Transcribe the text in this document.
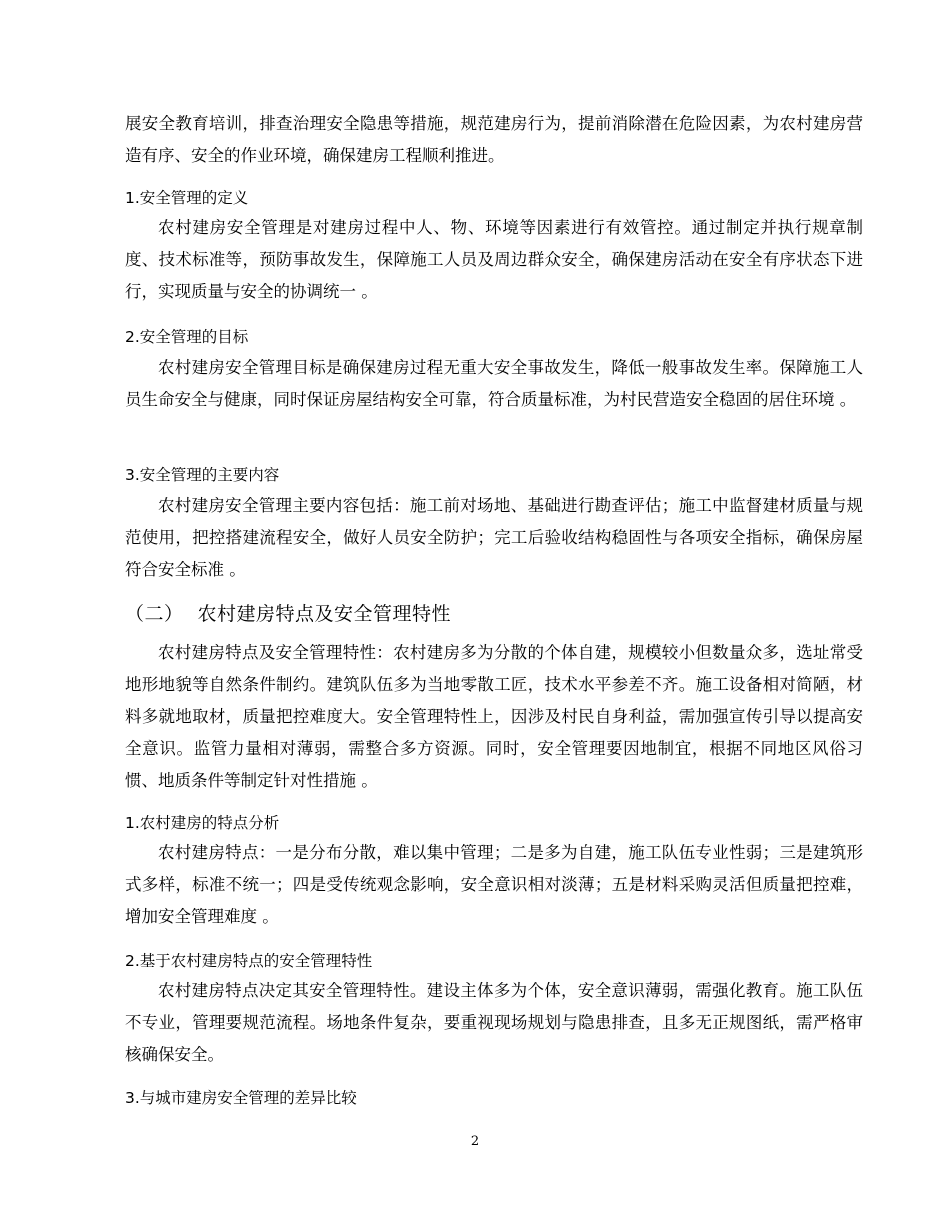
展安全教育培训，排查治理安全隐患等措施，规范建房行为，提前消除潜在危险因素，为农村建房营造有序、安全的作业环境，确保建房工程顺利推进。

1.安全管理的定义

农村建房安全管理是对建房过程中人、物、环境等因素进行有效管控。通过制定并执行规章制度、技术标准等，预防事故发生，保障施工人员及周边群众安全，确保建房活动在安全有序状态下进行，实现质量与安全的协调统一 。

2.安全管理的目标

农村建房安全管理目标是确保建房过程无重大安全事故发生，降低一般事故发生率。保障施工人员生命安全与健康，同时保证房屋结构安全可靠，符合质量标准，为村民营造安全稳固的居住环境 。

3.安全管理的主要内容

农村建房安全管理主要内容包括：施工前对场地、基础进行勘查评估；施工中监督建材质量与规范使用，把控搭建流程安全，做好人员安全防护；完工后验收结构稳固性与各项安全指标，确保房屋符合安全标准 。

（二） 农村建房特点及安全管理特性

农村建房特点及安全管理特性：农村建房多为分散的个体自建，规模较小但数量众多，选址常受地形地貌等自然条件制约。建筑队伍多为当地零散工匠，技术水平参差不齐。施工设备相对简陋，材料多就地取材，质量把控难度大。安全管理特性上，因涉及村民自身利益，需加强宣传引导以提高安全意识。监管力量相对薄弱，需整合多方资源。同时，安全管理要因地制宜，根据不同地区风俗习惯、地质条件等制定针对性措施 。

1.农村建房的特点分析

农村建房特点：一是分布分散，难以集中管理；二是多为自建，施工队伍专业性弱；三是建筑形式多样，标准不统一；四是受传统观念影响，安全意识相对淡薄；五是材料采购灵活但质量把控难，增加安全管理难度 。

2.基于农村建房特点的安全管理特性

农村建房特点决定其安全管理特性。建设主体多为个体，安全意识薄弱，需强化教育。施工队伍不专业，管理要规范流程。场地条件复杂，要重视现场规划与隐患排查，且多无正规图纸，需严格审核确保安全。

3.与城市建房安全管理的差异比较
2
